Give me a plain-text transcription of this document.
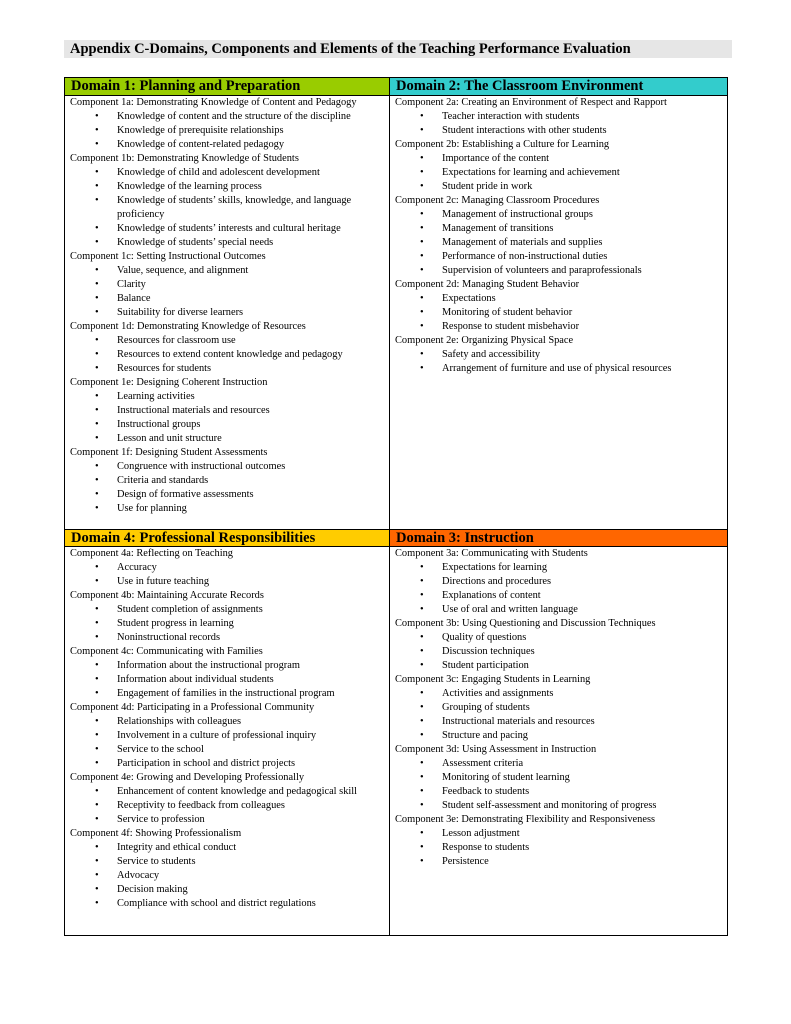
Appendix C-Domains, Components and Elements of the Teaching Performance Evaluation
Domain 1: Planning and Preparation
Component 1a: Demonstrating Knowledge of Content and Pedagogy
• Knowledge of content and the structure of the discipline
• Knowledge of prerequisite relationships
• Knowledge of content-related pedagogy
Component 1b: Demonstrating Knowledge of Students
• Knowledge of child and adolescent development
• Knowledge of the learning process
• Knowledge of students’ skills, knowledge, and language proficiency
• Knowledge of students’ interests and cultural heritage
• Knowledge of students’ special needs
Component 1c: Setting Instructional Outcomes
• Value, sequence, and alignment
• Clarity
• Balance
• Suitability for diverse learners
Component 1d: Demonstrating Knowledge of Resources
• Resources for classroom use
• Resources to extend content knowledge and pedagogy
• Resources for students
Component 1e: Designing Coherent Instruction
• Learning activities
• Instructional materials and resources
• Instructional groups
• Lesson and unit structure
Component 1f: Designing Student Assessments
• Congruence with instructional outcomes
• Criteria and standards
• Design of formative assessments
• Use for planning
Domain 2: The Classroom Environment
Component 2a: Creating an Environment of Respect and Rapport
• Teacher interaction with students
• Student interactions with other students
Component 2b: Establishing a Culture for Learning
• Importance of the content
• Expectations for learning and achievement
• Student pride in work
Component 2c: Managing Classroom Procedures
• Management of instructional groups
• Management of transitions
• Management of materials and supplies
• Performance of non-instructional duties
• Supervision of volunteers and paraprofessionals
Component 2d: Managing Student Behavior
• Expectations
• Monitoring of student behavior
• Response to student misbehavior
Component 2e: Organizing Physical Space
• Safety and accessibility
• Arrangement of furniture and use of physical resources
Domain 4: Professional Responsibilities
Component 4a: Reflecting on Teaching
• Accuracy
• Use in future teaching
Component 4b: Maintaining Accurate Records
• Student completion of assignments
• Student progress in learning
• Noninstructional records
Component 4c: Communicating with Families
• Information about the instructional program
• Information about individual students
• Engagement of families in the instructional program
Component 4d: Participating in a Professional Community
• Relationships with colleagues
• Involvement in a culture of professional inquiry
• Service to the school
• Participation in school and district projects
Component 4e: Growing and Developing Professionally
• Enhancement of content knowledge and pedagogical skill
• Receptivity to feedback from colleagues
• Service to profession
Component 4f: Showing Professionalism
• Integrity and ethical conduct
• Service to students
• Advocacy
• Decision making
• Compliance with school and district regulations
Domain 3: Instruction
Component 3a: Communicating with Students
• Expectations for learning
• Directions and procedures
• Explanations of content
• Use of oral and written language
Component 3b: Using Questioning and Discussion Techniques
• Quality of questions
• Discussion techniques
• Student participation
Component 3c: Engaging Students in Learning
• Activities and assignments
• Grouping of students
• Instructional materials and resources
• Structure and pacing
Component 3d: Using Assessment in Instruction
• Assessment criteria
• Monitoring of student learning
• Feedback to students
• Student self-assessment and monitoring of progress
Component 3e: Demonstrating Flexibility and Responsiveness
• Lesson adjustment
• Response to students
• Persistence
